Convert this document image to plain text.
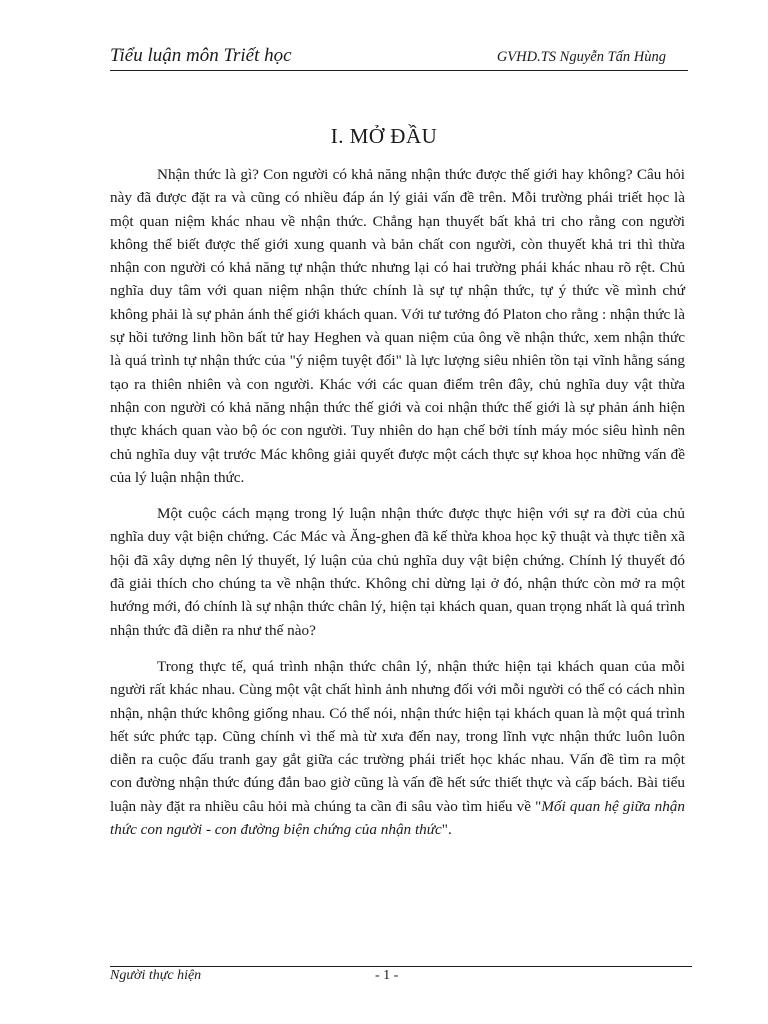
Tiểu luận môn Triết học	GVHD.TS Nguyễn Tấn Hùng
I. MỞ ĐẦU

Nhận thức là gì? Con người có khả năng nhận thức được thế giới hay không? Câu hỏi này đã được đặt ra và cũng có nhiều đáp án lý giải vấn đề trên. Mỗi trường phái triết học là một quan niệm khác nhau về nhận thức. Chẳng hạn thuyết bất khả tri cho rằng con người không thể biết được thế giới xung quanh và bản chất con người, còn thuyết khả tri thì thừa nhận con người có khả năng tự nhận thức nhưng lại có hai trường phái khác nhau rõ rệt. Chủ nghĩa duy tâm với quan niệm nhận thức chính là sự tự nhận thức, tự ý thức về mình chứ không phải là sự phản ánh thế giới khách quan. Với tư tưởng đó Platon cho rằng : nhận thức là sự hồi tưởng linh hồn bất tử hay Heghen và quan niệm của ông về nhận thức, xem nhận thức là quá trình tự nhận thức của "ý niệm tuyệt đối" là lực lượng siêu nhiên tồn tại vĩnh hằng sáng tạo ra thiên nhiên và con người. Khác với các quan điểm trên đây, chủ nghĩa duy vật thừa nhận con người có khả năng nhận thức thế giới và coi nhận thức thế giới là sự phản ánh hiện thực khách quan vào bộ óc con người. Tuy nhiên do hạn chế bởi tính máy móc siêu hình nên chủ nghĩa duy vật trước Mác không giải quyết được một cách thực sự khoa học những vấn đề của lý luận nhận thức.

Một cuộc cách mạng trong lý luận nhận thức được thực hiện với sự ra đời của chủ nghĩa duy vật biện chứng. Các Mác và Ăng-ghen đã kế thừa khoa học kỹ thuật và thực tiễn xã hội đã xây dựng nên lý thuyết, lý luận của chủ nghĩa duy vật biện chứng. Chính lý thuyết đó đã giải thích cho chúng ta về nhận thức. Không chỉ dừng lại ở đó, nhận thức còn mở ra một hướng mới, đó chính là sự nhận thức chân lý, hiện tại khách quan, quan trọng nhất là quá trình nhận thức đã diễn ra như thế nào?

Trong thực tế, quá trình nhận thức chân lý, nhận thức hiện tại khách quan của mỗi người rất khác nhau. Cùng một vật chất hình ảnh nhưng đối với mỗi người có thể có cách nhìn nhận, nhận thức không giống nhau. Có thể nói, nhận thức hiện tại khách quan là một quá trình hết sức phức tạp. Cũng chính vì thế mà từ xưa đến nay, trong lĩnh vực nhận thức luôn luôn diễn ra cuộc đấu tranh gay gắt giữa các trường phái triết học khác nhau. Vấn đề tìm ra một con đường nhận thức đúng đắn bao giờ cũng là vấn đề hết sức thiết thực và cấp bách. Bài tiểu luận này đặt ra nhiều câu hỏi mà chúng ta cần đi sâu vào tìm hiểu về "Mối quan hệ giữa nhận thức con người - con đường biện chứng của nhận thức".

Người thực hiện	- 1 -
